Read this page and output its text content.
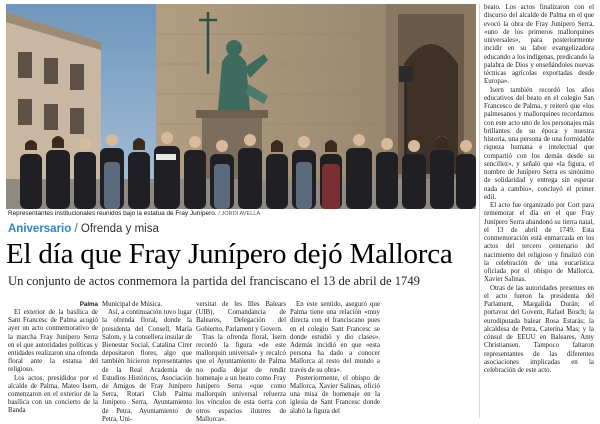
Representantes institucionales reunidos bajo la estatua de Fray Junípero. / JORDI AVELLÀ
Aniversario / Ofrenda y misa
El día que Fray Junípero dejó Mallorca
Un conjunto de actos conmemora la partida del franciscano el 13 de abril de 1749
Palma

El exterior de la basílica de Sant Francesc de Palma acogió ayer un acto conmemorativo de la marcha Fray Junípero Serra en el que autoridades políticas y entidades realizaron una ofrenda floral ante la estatua del religioso.

Los actos, presididos por el alcalde de Palma, Mateo Isern, comenzaron en el exterior de la basílica con un concierto de la Banda

Municipal de Música.

Así, a continuación tuvo lugar la ofrenda floral, donde la presidenta del Consell, María Salom, y la consellera insular de Bienestar Social, Catalina Cirer depositaron flores, algo que también hicieron representantes de la Real Academia de Estudios Históricos, Asociación de Amigos de Fray Junípero Serra, Rotari Club Palma Junípero Serra, Ayuntamiento de Petra, Ayuntamiento de Petra, Uni-

versitat de les Illes Balears (UIB), Comandancia de Baleares, Delegación del Gobierno, Parlament y Govern.

Tras la ofrenda floral, Isern recordó la figura «de este mallorquín universal» y recalcó que el Ayuntamiento de Palma no podía dejar de rendir homenaje a un beato como Fray Junípero Serra «que como mallorquín universal refuerza los vínculos de esta tierra con otros espacios ilustres de Mallorca».

En este sentido, aseguró que Palma tiene una relación «muy directa con el franciscano pues en el colegio Sant Francesc se donde estudió y dio clases». Además incidió en que «esta persona ha dado a conocer Mallorca al resto del mundo a través de su obra».

Posteriormente, el obispo de Mallorca, Xavier Salinas, ofició una misa de homenaje en la iglesia de Sant Francesc donde alabó la figura del

beato. Los actos finalizaron con el discurso del alcalde de Palma en el que evocó la obra de Fray Junípero Serra, «uno de los primeros mallorquines universales», para posteriormente incidir en su labor evangelizadora educando a los indígenas, predicando la palabra de Dios y enseñándoles nuevas técnicas agrícolas exportadas desde Europa».

Isern también recordó los años educativos del beato en el colegio San Francesco de Palma, y reiteró que «los palmesanos y mallorquines recordamos con este acto uno de los personajes más brillantes de su época y nuestra historia, una persona de una formidable riqueza humana e intelectual que compartió con los demás desde su sencillez», y señaló que «la figura, el nombre de Junípero Serra es sinónimo de solidaridad y entrega sin esperar nada a cambio», concluyó el primer edil.

El acto fue organizado por Cort para rememorar el día en el que Fray Junípero Serra abandonó su tierra natal, el 13 de abril de 1749. Esta conmemoración está enmarcada en los actos del tercero centenario del nacimiento del religioso y finalizó con la celebración de una eucarística oficiada por el obispo de Mallorca, Xavier Salinas.

Otras de las autoridades presentes en el acto fueron la presidenta del Parlament, Margalida Durán; el portavoz del Govern, Rafael Bosch; la eurodiputada balear Rosa Estarás; la alcaldesa de Petra, Caterina Mas; y la cónsul de EEUU en Baleares, Amy Christiansen. Tampoco faltaron representantes de las diferentes asociaciones implicadas en la celebración de este acto.
